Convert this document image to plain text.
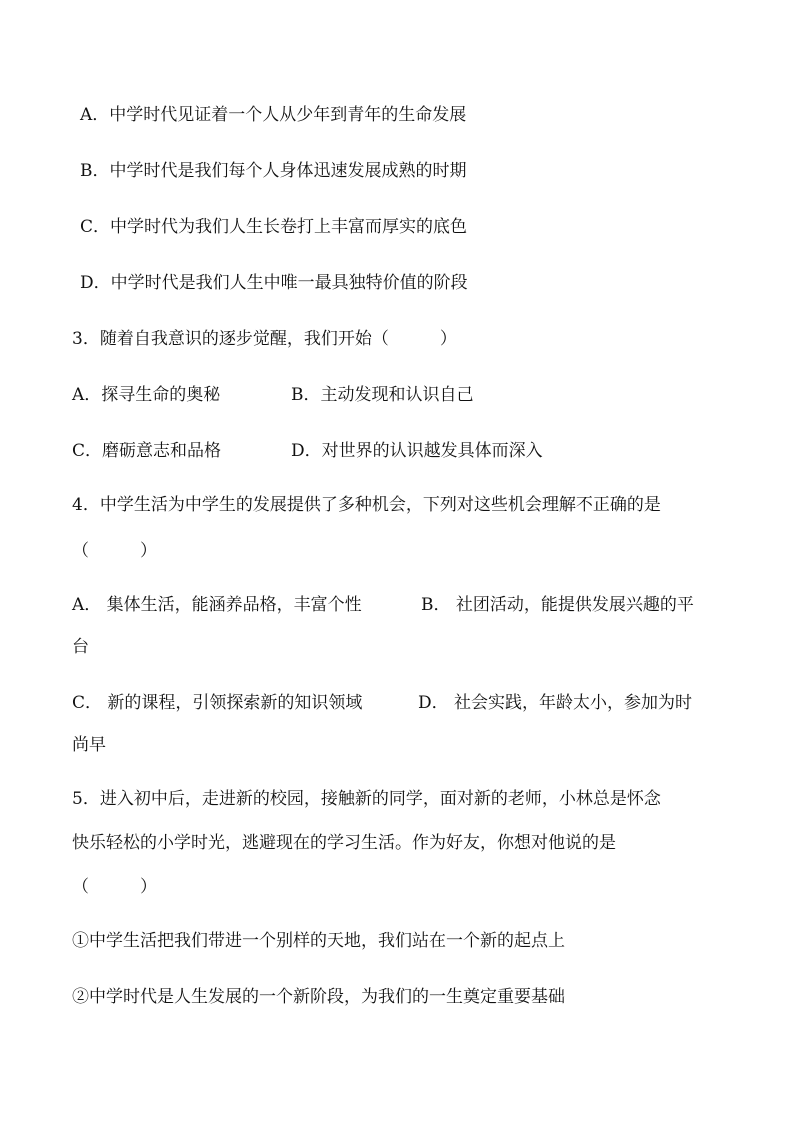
A．中学时代见证着一个人从少年到青年的生命发展
B．中学时代是我们每个人身体迅速发展成熟的时期
C．中学时代为我们人生长卷打上丰富而厚实的底色
D．中学时代是我们人生中唯一最具独特价值的阶段
3．随着自我意识的逐步觉醒，我们开始（　　　）
A．探寻生命的奥秘	B．主动发现和认识自己
C．磨砺意志和品格	D．对世界的认识越发具体而深入
4．中学生活为中学生的发展提供了多种机会，下列对这些机会理解不正确的是
（　　　）
A． 集体生活，能涵养品格，丰富个性	B． 社团活动，能提供发展兴趣的平
台
C． 新的课程，引领探索新的知识领域	D． 社会实践，年龄太小，参加为时
尚早
5．进入初中后，走进新的校园，接触新的同学，面对新的老师，小林总是怀念
快乐轻松的小学时光，逃避现在的学习生活。作为好友，你想对他说的是
（　　　）
①中学生活把我们带进一个别样的天地，我们站在一个新的起点上
②中学时代是人生发展的一个新阶段，为我们的一生奠定重要基础
